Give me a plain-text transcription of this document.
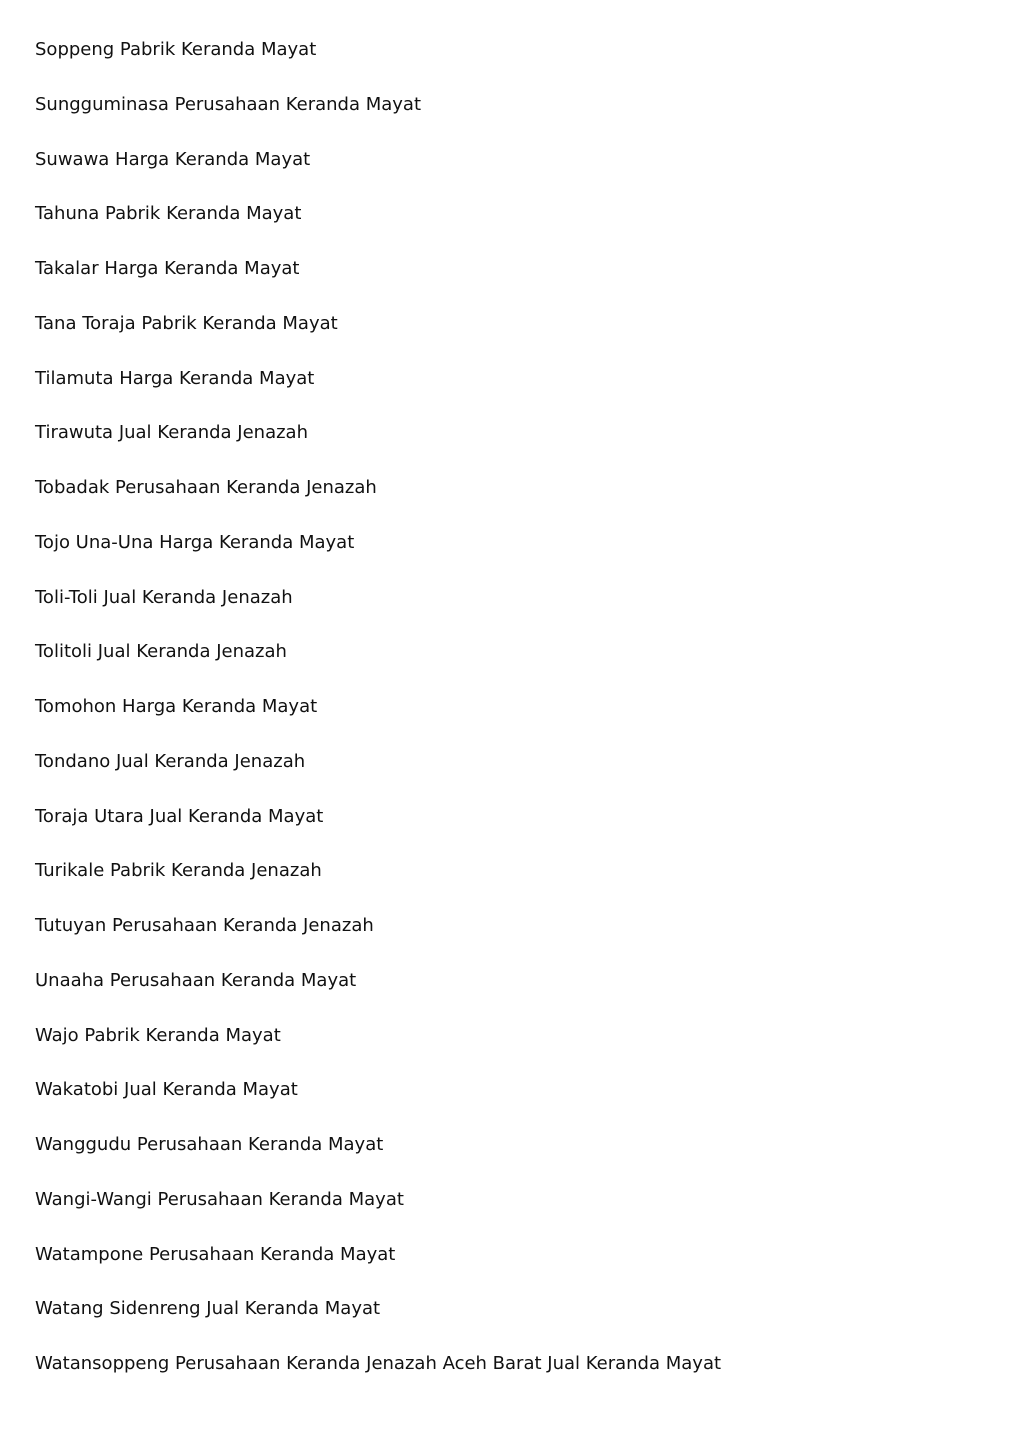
Soppeng Pabrik Keranda Mayat
Sungguminasa Perusahaan Keranda Mayat
Suwawa Harga Keranda Mayat
Tahuna Pabrik Keranda Mayat
Takalar Harga Keranda Mayat
Tana Toraja Pabrik Keranda Mayat
Tilamuta Harga Keranda Mayat
Tirawuta Jual Keranda Jenazah
Tobadak Perusahaan Keranda Jenazah
Tojo Una-Una Harga Keranda Mayat
Toli-Toli Jual Keranda Jenazah
Tolitoli Jual Keranda Jenazah
Tomohon Harga Keranda Mayat
Tondano Jual Keranda Jenazah
Toraja Utara Jual Keranda Mayat
Turikale Pabrik Keranda Jenazah
Tutuyan Perusahaan Keranda Jenazah
Unaaha Perusahaan Keranda Mayat
Wajo Pabrik Keranda Mayat
Wakatobi Jual Keranda Mayat
Wanggudu Perusahaan Keranda Mayat
Wangi-Wangi Perusahaan Keranda Mayat
Watampone Perusahaan Keranda Mayat
Watang Sidenreng Jual Keranda Mayat
Watansoppeng Perusahaan Keranda Jenazah Aceh Barat Jual Keranda Mayat
